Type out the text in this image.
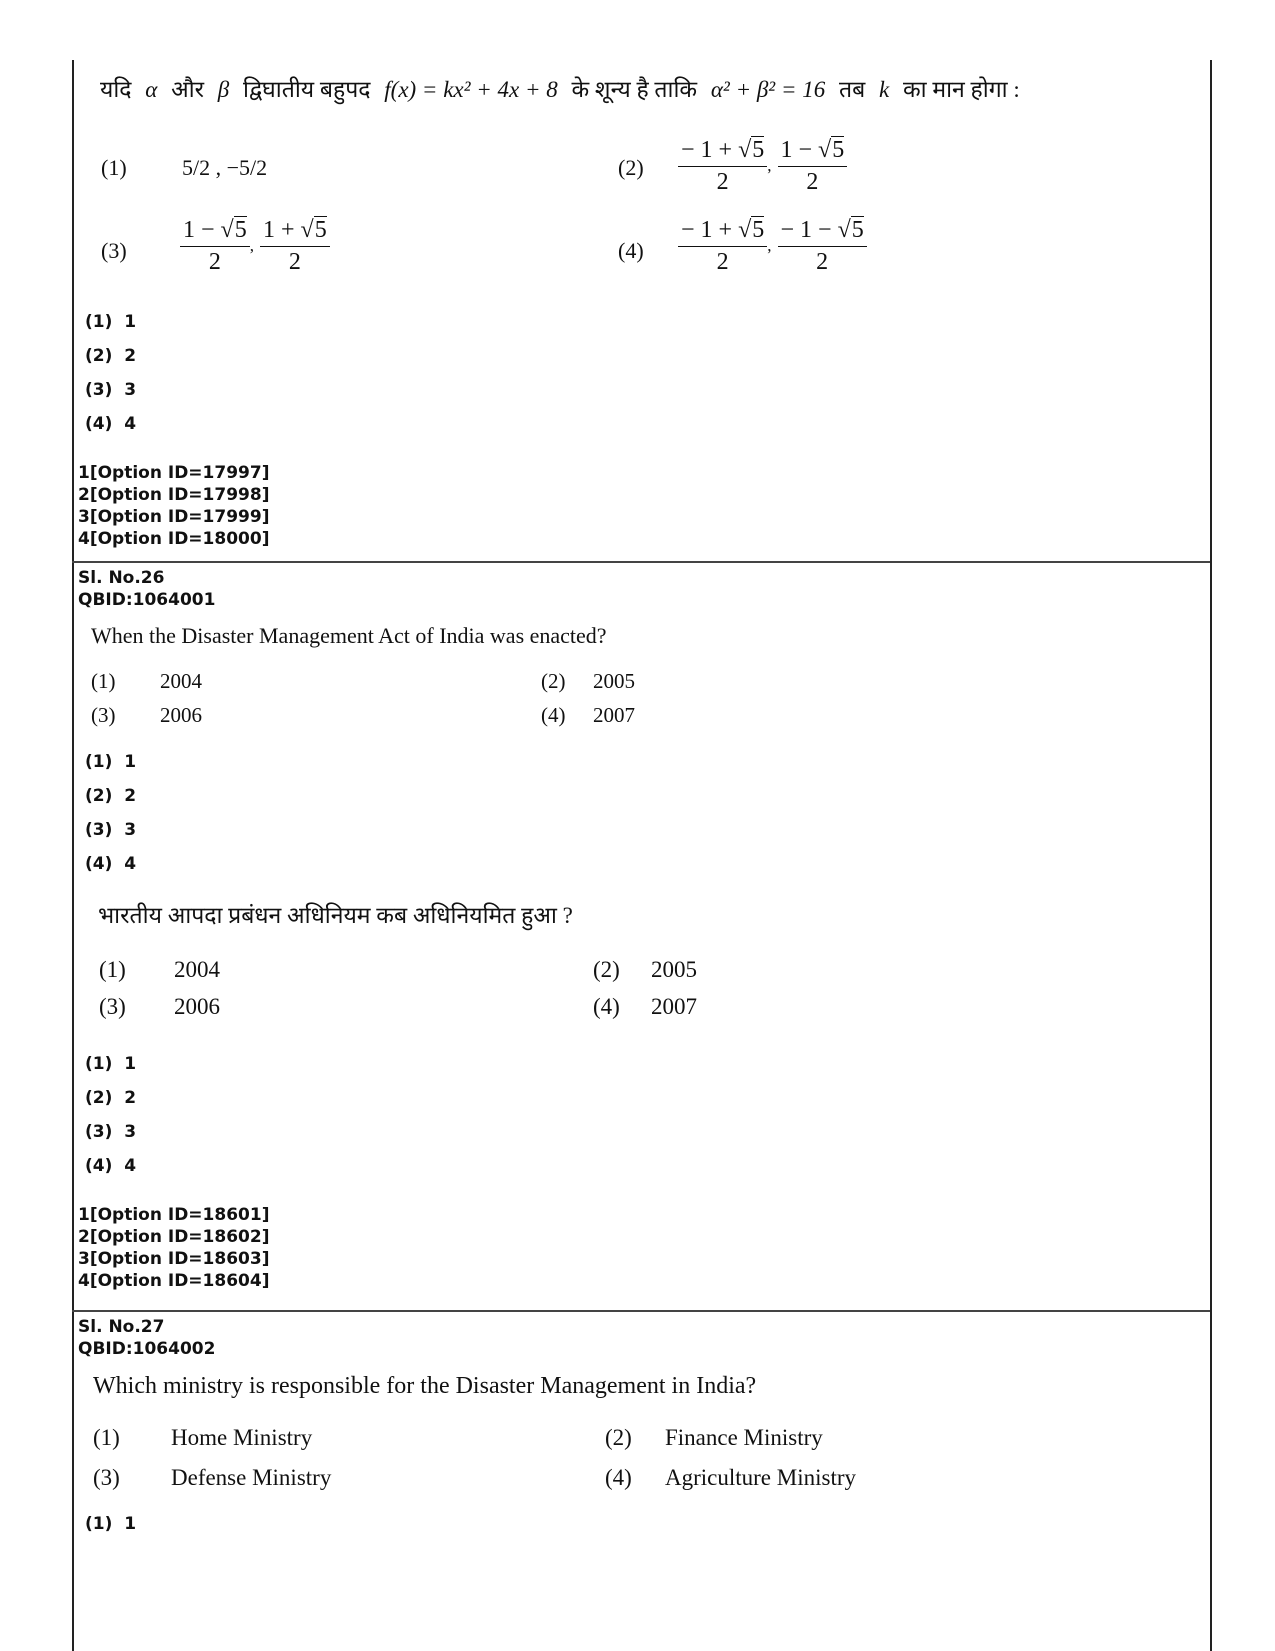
यदि α और β द्विघातीय बहुपद f(x) = kx² + 4x + 8 के शून्य है ताकि α² + β² = 16 तब k का मान होगा :
(1)	5/2 , −5/2	$(2) \frac{- 1 + √5}{2}$ , $\frac{1 - √5}{2}$
$(3) \frac{1 - √5}{2}$ , $\frac{1 + √5}{2}$	$(4) \frac{- 1 + √5}{2}$ , $\frac{- 1 - √5}{2}$
(1)  1
(2)  2
(3)  3
(4)  4
1[Option ID=17997]
2[Option ID=17998]
3[Option ID=17999]
4[Option ID=18000]
Sl. No.26
QBID:1064001
When the Disaster Management Act of India was enacted?
(1) 2004	(2) 2005
(3) 2006	(4) 2007
(1)  1
(2)  2
(3)  3
(4)  4
भारतीय आपदा प्रबंधन अधिनियम कब अधिनियमित हुआ ?
(1) 2004	(2) 2005
(3) 2006	(4) 2007
(1)  1
(2)  2
(3)  3
(4)  4
1[Option ID=18601]
2[Option ID=18602]
3[Option ID=18603]
4[Option ID=18604]
Sl. No.27
QBID:1064002
Which ministry is responsible for the Disaster Management in India?
(1) Home Ministry	(2) Finance Ministry
(3) Defense Ministry	(4) Agriculture Ministry
(1)  1
